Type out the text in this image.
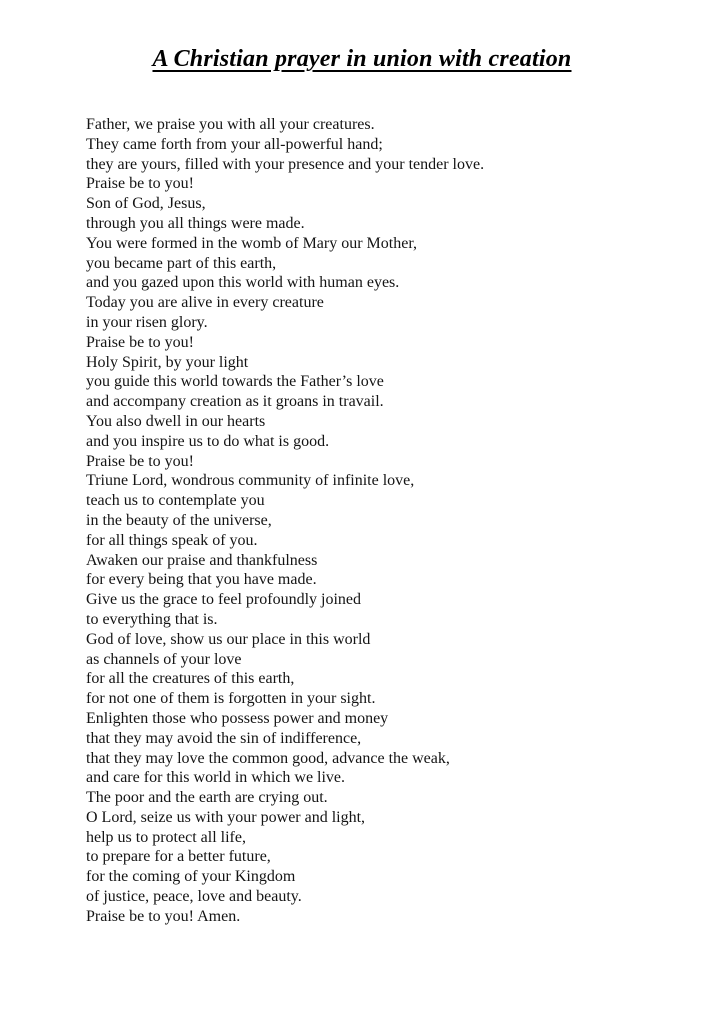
A Christian prayer in union with creation
Father, we praise you with all your creatures.
They came forth from your all-powerful hand;
they are yours, filled with your presence and your tender love.
Praise be to you!
Son of God, Jesus,
through you all things were made.
You were formed in the womb of Mary our Mother,
you became part of this earth,
and you gazed upon this world with human eyes.
Today you are alive in every creature
in your risen glory.
Praise be to you!
Holy Spirit, by your light
you guide this world towards the Father’s love
and accompany creation as it groans in travail.
You also dwell in our hearts
and you inspire us to do what is good.
Praise be to you!
Triune Lord, wondrous community of infinite love,
teach us to contemplate you
in the beauty of the universe,
for all things speak of you.
Awaken our praise and thankfulness
for every being that you have made.
Give us the grace to feel profoundly joined
to everything that is.
God of love, show us our place in this world
as channels of your love
for all the creatures of this earth,
for not one of them is forgotten in your sight.
Enlighten those who possess power and money
that they may avoid the sin of indifference,
that they may love the common good, advance the weak,
and care for this world in which we live.
The poor and the earth are crying out.
O Lord, seize us with your power and light,
help us to protect all life,
to prepare for a better future,
for the coming of your Kingdom
of justice, peace, love and beauty.
Praise be to you! Amen.
